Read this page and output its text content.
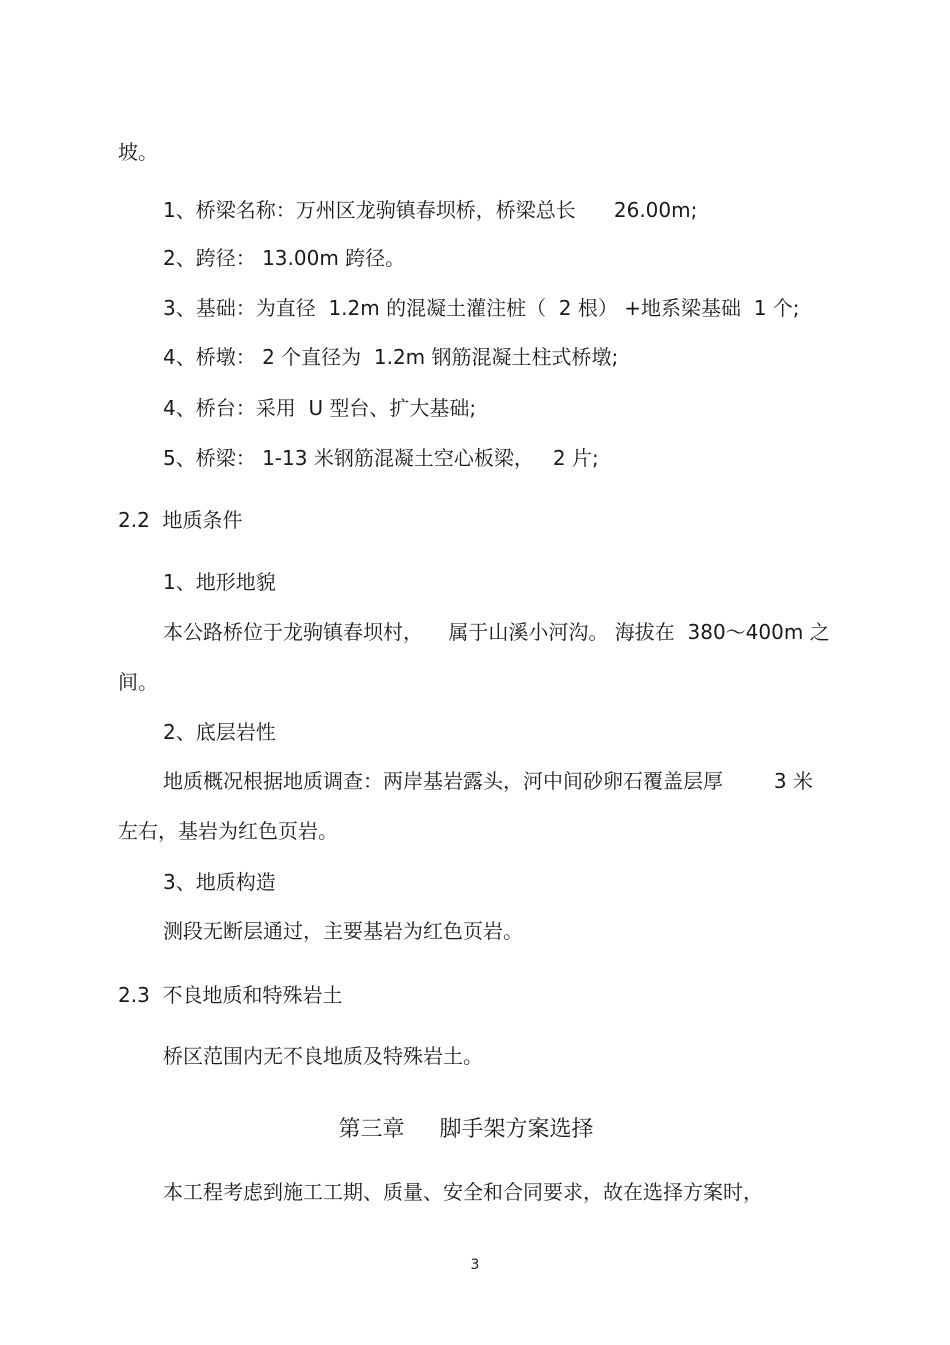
坡。

1、桥梁名称：万州区龙驹镇春坝桥，桥梁总长      26.00m;

2、跨径： 13.00m 跨径。

3、基础：为直径  1.2m 的混凝土灌注桩（  2 根） +地系梁基础  1 个;

4、桥墩： 2 个直径为  1.2m 钢筋混凝土柱式桥墩;

4、桥台：采用  U 型台、扩大基础;

5、桥梁： 1-13 米钢筋混凝土空心板梁，   2 片;

2.2  地质条件

1、地形地貌

本公路桥位于龙驹镇春坝村，    属于山溪小河沟。 海拔在  380～400m 之

间。

2、底层岩性

地质概况根据地质调查：两岸基岩露头，河中间砂卵石覆盖层厚        3 米

左右，基岩为红色页岩。

3、地质构造

测段无断层通过，主要基岩为红色页岩。

2.3  不良地质和特殊岩土

桥区范围内无不良地质及特殊岩土。

第三章     脚手架方案选择

本工程考虑到施工工期、质量、安全和合同要求，故在选择方案时，

3
